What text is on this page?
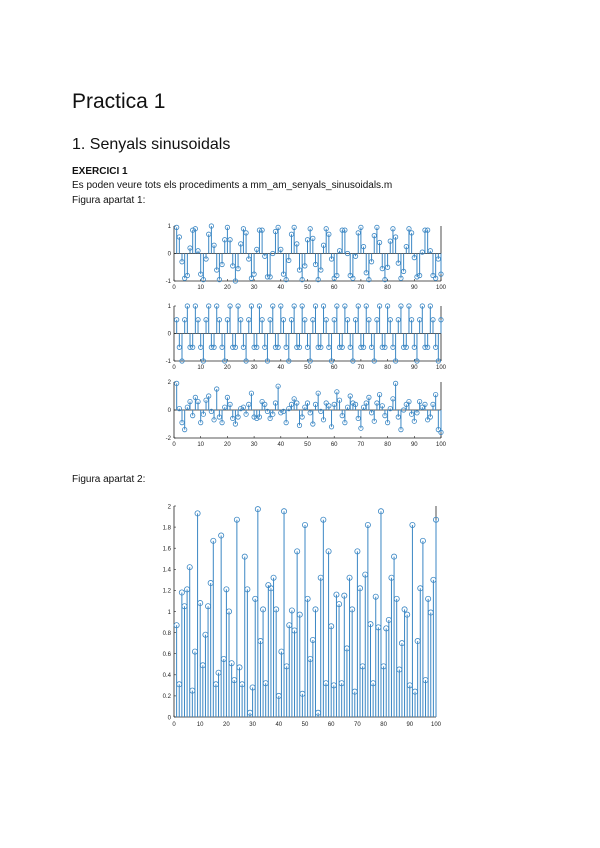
Practica 1
1. Senyals sinusoidals
EXERCICI 1
Es poden veure tots els procediments a mm_am_senyals_sinusoidals.m
Figura apartat 1:
0	10	20	30	40	50	60	70	80	90	100
-1
0
1
0	10	20	30	40	50	60	70	80	90	100
-1
0
1
0	10	20	30	40	50	60	70	80	90	100
-2
0
2
Figura apartat 2:
0	10	20	30	40	50	60	70	80	90	100
0
0.2
0.4
0.6
0.8
1
1.2
1.4
1.6
1.8
2
